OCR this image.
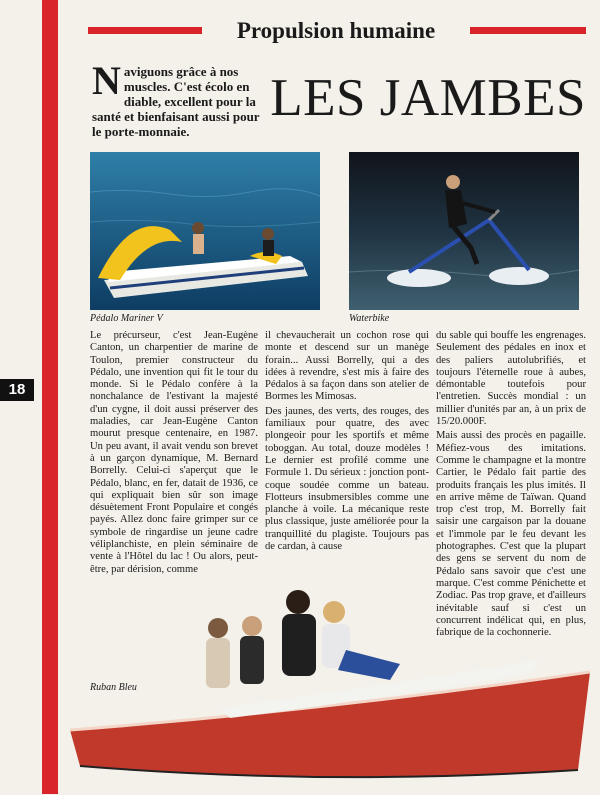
18
Propulsion humaine
Naviguons grâce à nos muscles. C'est écolo en diable, excellent pour la santé et bienfaisant aussi pour le porte-monnaie.
LES JAMBES
Pédalo Mariner V	Waterbike

Le précurseur, c'est Jean-Eugène Canton, un charpentier de marine de Toulon, premier constructeur du Pédalo, une invention qui fit le tour du monde. Si le Pédalo confère à la nonchalance de l'estivant la majesté d'un cygne, il doit aussi préserver des maladies, car Jean-Eugène Canton mourut presque centenaire, en 1987. Un peu avant, il avait vendu son brevet à un garçon dynamique, M. Bernard Borrelly. Celui-ci s'aperçut que le Pédalo, blanc, en fer, datait de 1936, ce qui expliquait bien sûr son image désuètement Front Populaire et congés payés. Allez donc faire grimper sur ce symbole de ringardise un jeune cadre véliplanchiste, en plein séminaire de vente à l'Hôtel du lac ! Ou alors, peut-être, par dérision, comme

il chevaucherait un cochon rose qui monte et descend sur un manège forain... Aussi Borrelly, qui a des idées à revendre, s'est mis à faire des Pédalos à sa façon dans son atelier de Bormes les Mimosas.

Des jaunes, des verts, des rouges, des familiaux pour quatre, des avec plongeoir pour les sportifs et même toboggan. Au total, douze modèles ! Le dernier est profilé comme une Formule 1. Du sérieux : jonction pont-coque soudée comme un bateau. Flotteurs insubmersibles comme une planche à voile. La mécanique reste plus classique, juste améliorée pour la tranquillité du plagiste. Toujours pas de cardan, à cause

du sable qui bouffe les engrenages. Seulement des pédales en inox et des paliers autolubrifiés, et toujours l'éternelle roue à aubes, démontable toutefois pour l'entretien. Succès mondial : un millier d'unités par an, à un prix de 15/20.000F.

Mais aussi des procès en pagaille. Méfiez-vous des imitations. Comme le champagne et la montre Cartier, le Pédalo fait partie des produits français les plus imités. Il en arrive même de Taïwan. Quand trop c'est trop, M. Borrelly fait saisir une cargaison par la douane et l'immole par le feu devant les photographes. C'est que la plupart des gens se servent du nom de Pédalo sans savoir que c'est une marque. C'est comme Pénichette et Zodiac. Pas trop grave, et d'ailleurs inévitable sauf si c'est un concurrent indélicat qui, en plus, fabrique de la cochonnerie.

Ruban Bleu
